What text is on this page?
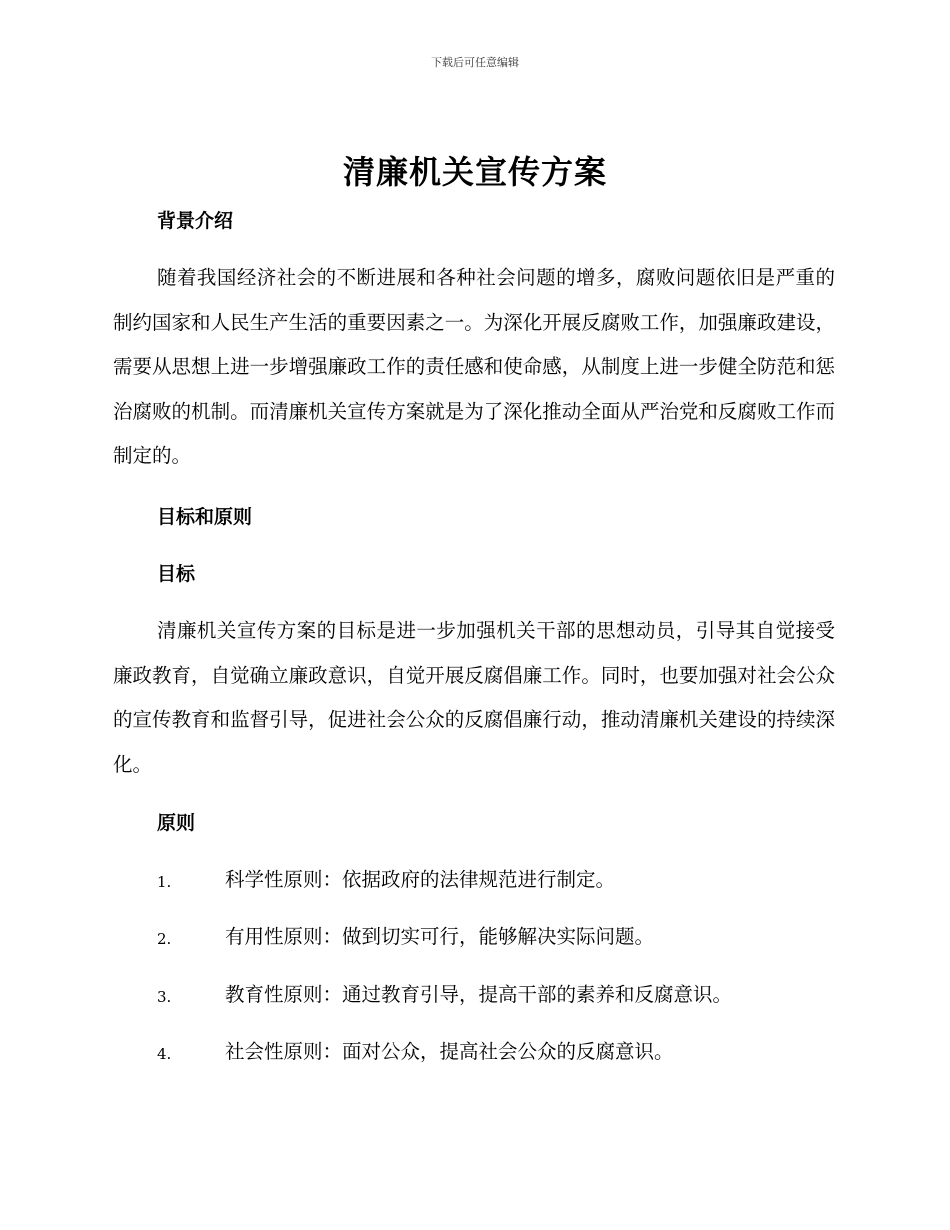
下载后可任意编辑
清廉机关宣传方案
背景介绍
随着我国经济社会的不断进展和各种社会问题的增多，腐败问题依旧是严重的制约国家和人民生产生活的重要因素之一。为深化开展反腐败工作，加强廉政建设，需要从思想上进一步增强廉政工作的责任感和使命感，从制度上进一步健全防范和惩治腐败的机制。而清廉机关宣传方案就是为了深化推动全面从严治党和反腐败工作而制定的。
目标和原则
目标
清廉机关宣传方案的目标是进一步加强机关干部的思想动员，引导其自觉接受廉政教育，自觉确立廉政意识，自觉开展反腐倡廉工作。同时，也要加强对社会公众的宣传教育和监督引导，促进社会公众的反腐倡廉行动，推动清廉机关建设的持续深化。
原则
1.	科学性原则：依据政府的法律规范进行制定。
2.	有用性原则：做到切实可行，能够解决实际问题。
3.	教育性原则：通过教育引导，提高干部的素养和反腐意识。
4.	社会性原则：面对公众，提高社会公众的反腐意识。
